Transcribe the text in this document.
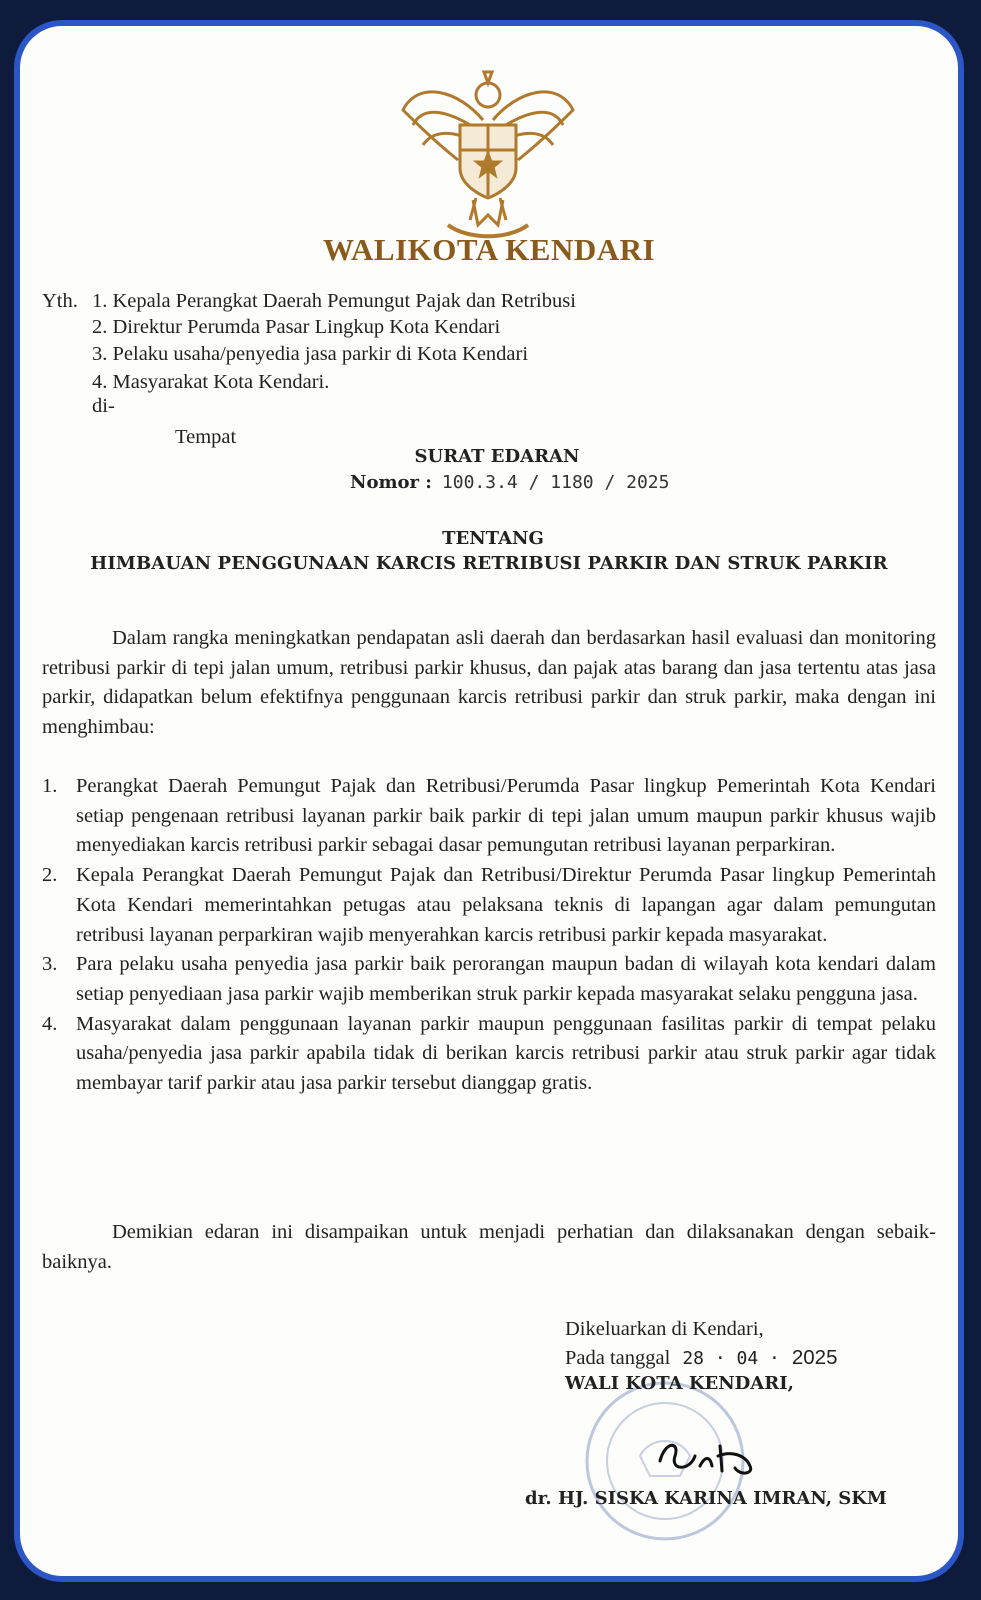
WALIKOTA KENDARI
Yth. 1. Kepala Perangkat Daerah Pemungut Pajak dan Retribusi
2. Direktur Perumda Pasar Lingkup Kota Kendari
3. Pelaku usaha/penyedia jasa parkir di Kota Kendari
4. Masyarakat Kota Kendari.
di-
Tempat
SURAT EDARAN
Nomor : 100.3.4 / 1180 / 2025
TENTANG
HIMBAUAN PENGGUNAAN KARCIS RETRIBUSI PARKIR DAN STRUK PARKIR
Dalam rangka meningkatkan pendapatan asli daerah dan berdasarkan hasil evaluasi dan monitoring retribusi parkir di tepi jalan umum, retribusi parkir khusus, dan pajak atas barang dan jasa tertentu atas jasa parkir, didapatkan belum efektifnya penggunaan karcis retribusi parkir dan struk parkir, maka dengan ini menghimbau:
1. Perangkat Daerah Pemungut Pajak dan Retribusi/Perumda Pasar lingkup Pemerintah Kota Kendari setiap pengenaan retribusi layanan parkir baik parkir di tepi jalan umum maupun parkir khusus wajib menyediakan karcis retribusi parkir sebagai dasar pemungutan retribusi layanan perparkiran.
2. Kepala Perangkat Daerah Pemungut Pajak dan Retribusi/Direktur Perumda Pasar lingkup Pemerintah Kota Kendari memerintahkan petugas atau pelaksana teknis di lapangan agar dalam pemungutan retribusi layanan perparkiran wajib menyerahkan karcis retribusi parkir kepada masyarakat.
3. Para pelaku usaha penyedia jasa parkir baik perorangan maupun badan di wilayah kota kendari dalam setiap penyediaan jasa parkir wajib memberikan struk parkir kepada masyarakat selaku pengguna jasa.
4. Masyarakat dalam penggunaan layanan parkir maupun penggunaan fasilitas parkir di tempat pelaku usaha/penyedia jasa parkir apabila tidak di berikan karcis retribusi parkir atau struk parkir agar tidak membayar tarif parkir atau jasa parkir tersebut dianggap gratis.
Demikian edaran ini disampaikan untuk menjadi perhatian dan dilaksanakan dengan sebaik-baiknya.
Dikeluarkan di Kendari,
Pada tanggal 28 · 04 · 2025
WALI KOTA KENDARI,
dr. HJ. SISKA KARINA IMRAN, SKM
